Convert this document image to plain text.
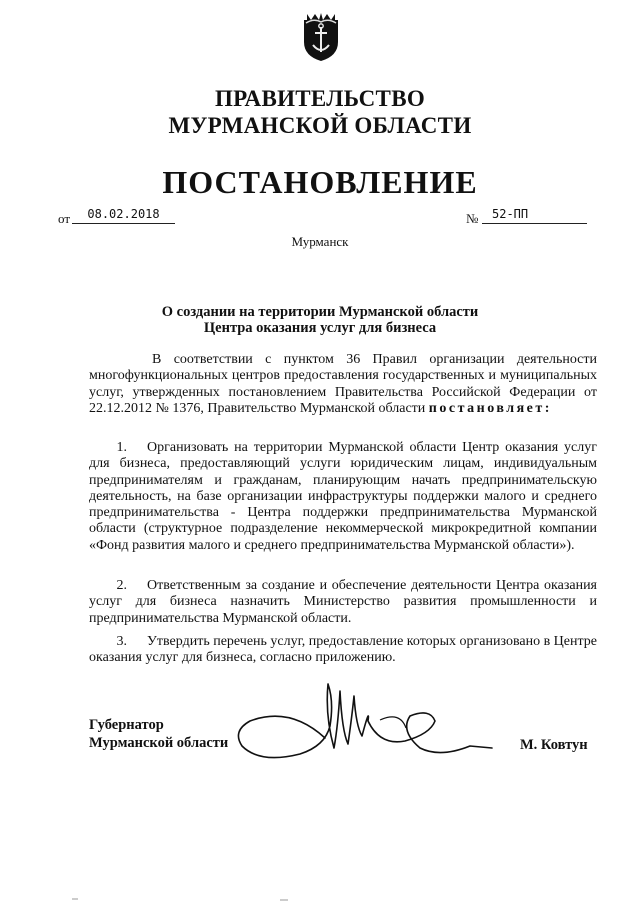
ПРАВИТЕЛЬСТВО
МУРМАНСКОЙ ОБЛАСТИ
ПОСТАНОВЛЕНИЕ
от	08.02.2018	№	52-ПП
Мурманск
О создании на территории Мурманской области
Центра оказания услуг для бизнеса
В соответствии с пунктом 36 Правил организации деятельности многофункциональных центров предоставления государственных и муниципальных услуг, утвержденных постановлением Правительства Российской Федерации от 22.12.2012 № 1376, Правительство Мурманской области постановляет:
1. Организовать на территории Мурманской области Центр оказания услуг для бизнеса, предоставляющий услуги юридическим лицам, индивидуальным предпринимателям и гражданам, планирующим начать предпринимательскую деятельность, на базе организации инфраструктуры поддержки малого и среднего предпринимательства - Центра поддержки предпринимательства Мурманской области (структурное подразделение некоммерческой микрокредитной компании «Фонд развития малого и среднего предпринимательства Мурманской области»).
2. Ответственным за создание и обеспечение деятельности Центра оказания услуг для бизнеса назначить Министерство развития промышленности и предпринимательства Мурманской области.
3. Утвердить перечень услуг, предоставление которых организовано в Центре оказания услуг для бизнеса, согласно приложению.
Губернатор
Мурманской области	М. Ковтун
